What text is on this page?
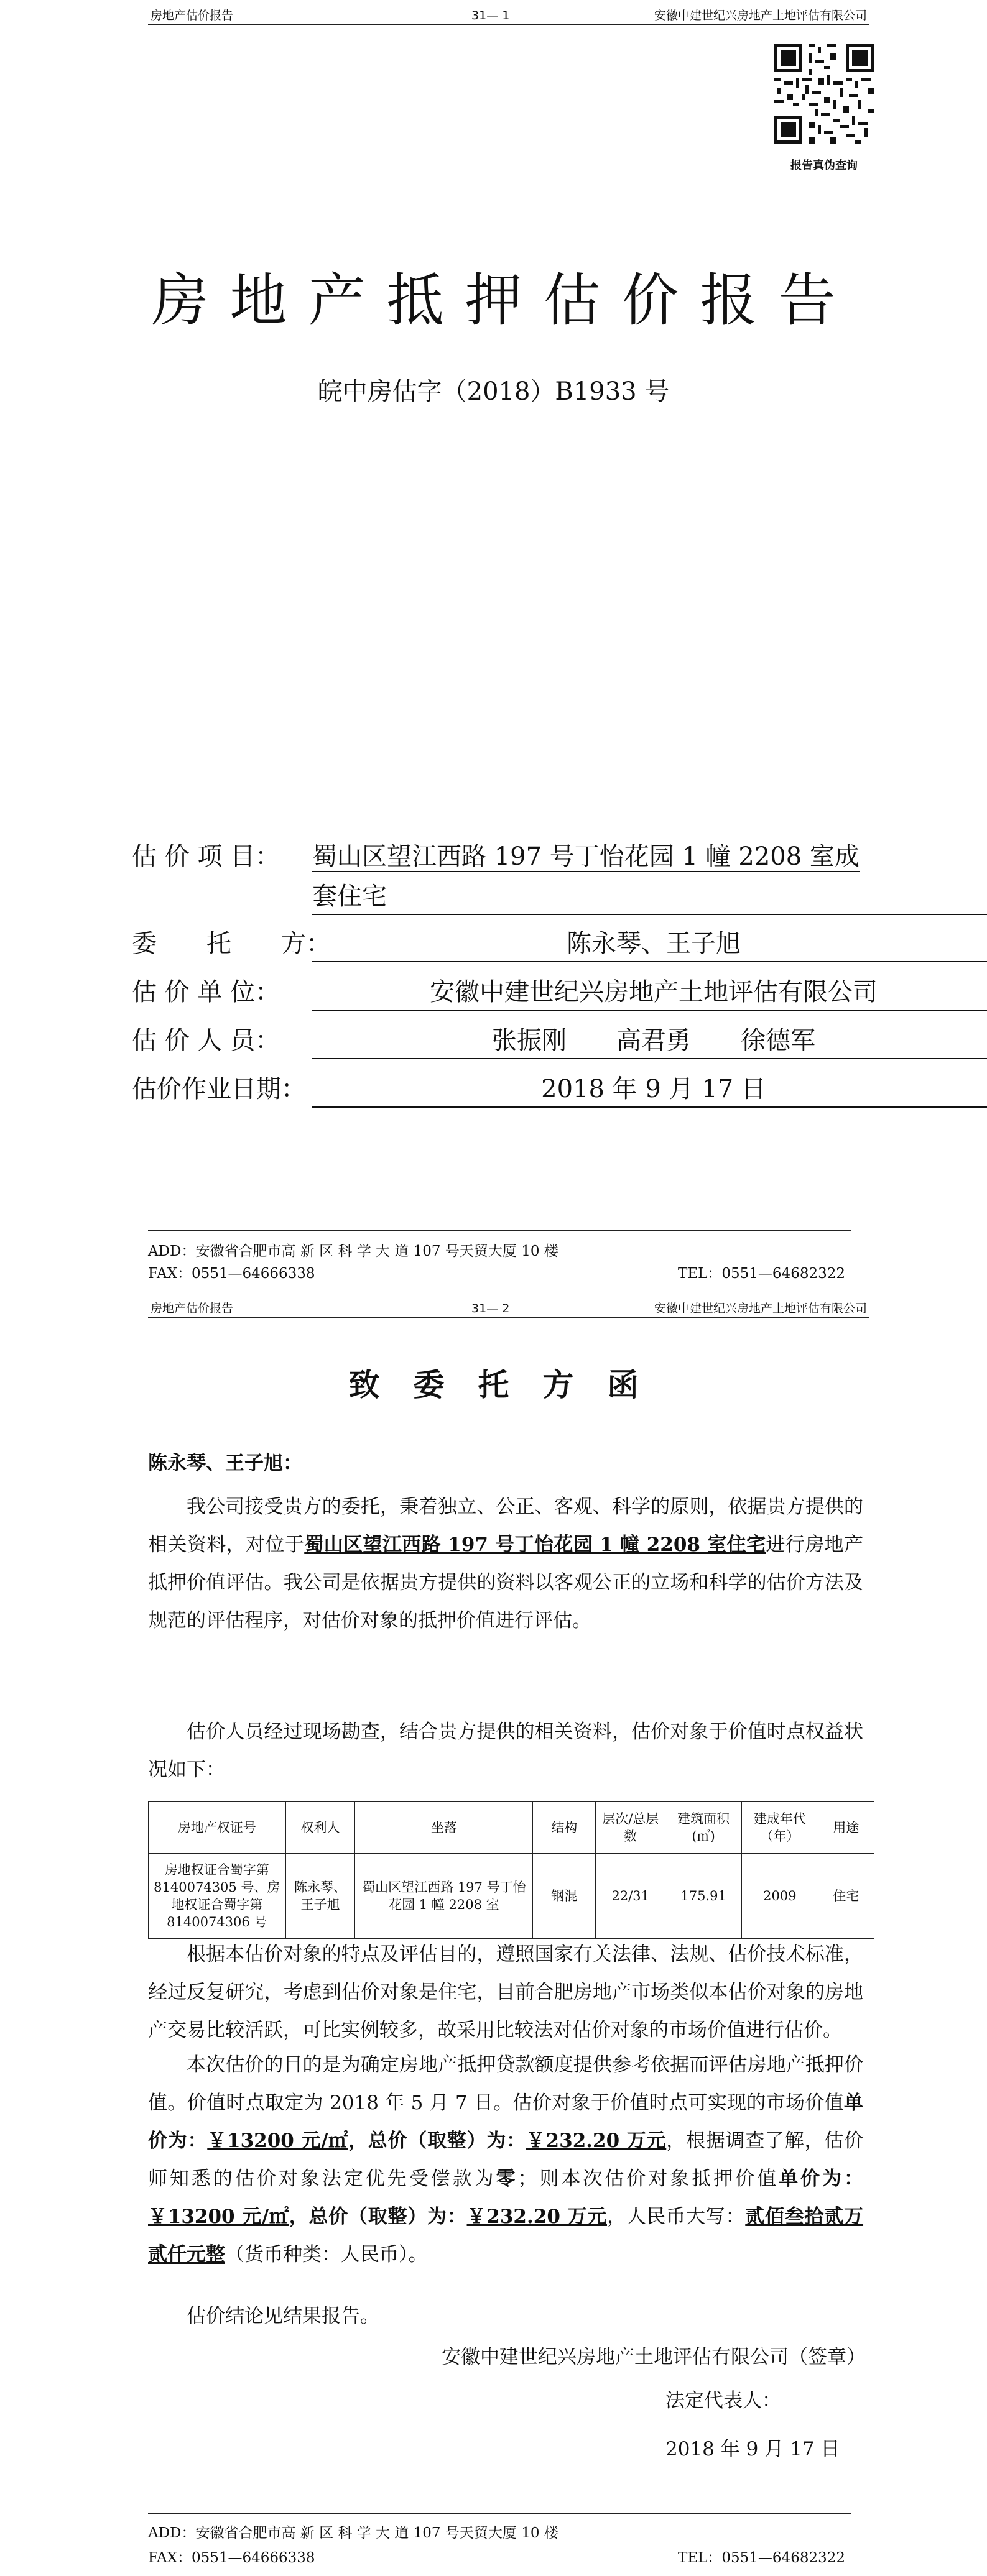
房地产估价报告	31— 1	安徽中建世纪兴房地产土地评估有限公司
报告真伪查询
房地产抵押估价报告
皖中房估字（2018）B1933 号
估 价 项 目： 蜀山区望江西路 197 号丁怡花园 1 幢 2208 室成
套住宅
委　　托　　方：	陈永琴、王子旭
估 价 单 位：	安徽中建世纪兴房地产土地评估有限公司
估 价 人 员：	张振刚　　高君勇　　徐德军
估价作业日期：	2018 年 9 月 17 日
ADD：安徽省合肥市高 新 区 科 学 大 道 107 号天贸大厦 10 楼
FAX：0551—64666338	TEL：0551—64682322
房地产估价报告	31— 2	安徽中建世纪兴房地产土地评估有限公司
致委托方函
陈永琴、王子旭：
我公司接受贵方的委托，秉着独立、公正、客观、科学的原则，依据贵方提供的相关资料，对位于蜀山区望江西路 197 号丁怡花园 1 幢 2208 室住宅进行房地产抵押价值评估。我公司是依据贵方提供的资料以客观公正的立场和科学的估价方法及规范的评估程序，对估价对象的抵押价值进行评估。
估价人员经过现场勘查，结合贵方提供的相关资料，估价对象于价值时点权益状况如下：
房地产权证号	权利人	坐落	结构	层次/总层数	建筑面积(㎡)	建成年代（年）	用途
房地权证合蜀字第 8140074305 号、房地权证合蜀字第 8140074306 号	陈永琴、王子旭	蜀山区望江西路 197 号丁怡花园 1 幢 2208 室	钢混	22/31	175.91	2009	住宅
根据本估价对象的特点及评估目的，遵照国家有关法律、法规、估价技术标准，经过反复研究，考虑到估价对象是住宅，目前合肥房地产市场类似本估价对象的房地产交易比较活跃，可比实例较多，故采用比较法对估价对象的市场价值进行估价。
本次估价的目的是为确定房地产抵押贷款额度提供参考依据而评估房地产抵押价值。价值时点取定为 2018 年 5 月 7 日。估价对象于价值时点可实现的市场价值单价为：￥13200 元/㎡，总价（取整）为：￥232.20 万元，根据调查了解，估价师知悉的估价对象法定优先受偿款为零；则本次估价对象抵押价值单价为：￥13200 元/㎡，总价（取整）为：￥232.20 万元，人民币大写：贰佰叁拾贰万贰仟元整（货币种类：人民币）。
估价结论见结果报告。
安徽中建世纪兴房地产土地评估有限公司（签章）
法定代表人：
2018 年 9 月 17 日
ADD：安徽省合肥市高 新 区 科 学 大 道 107 号天贸大厦 10 楼
FAX：0551—64666338	TEL：0551—64682322
